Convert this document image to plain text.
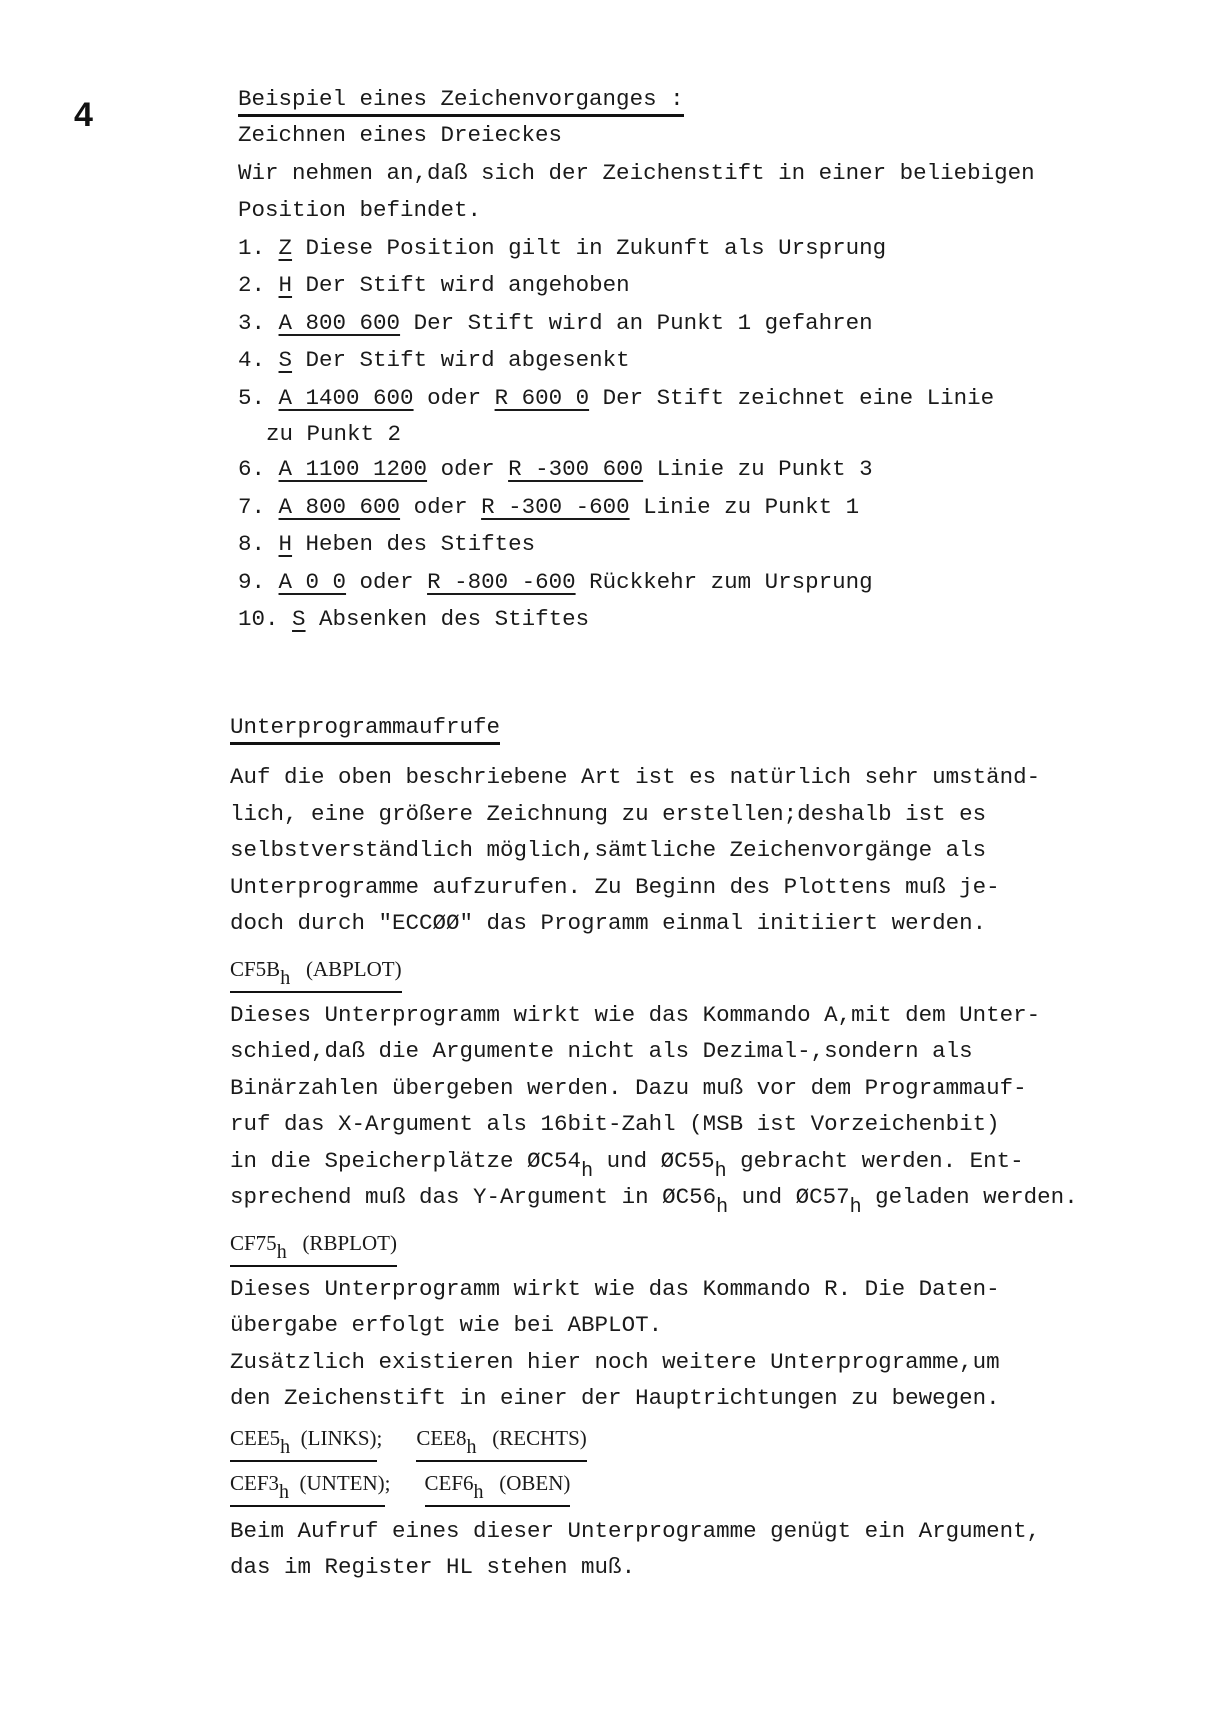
4	Beispiel eines Zeichenvorganges :
Zeichnen eines Dreieckes
Wir nehmen an,daß sich der Zeichenstift in einer beliebigen
Position befindet.
1. Z Diese Position gilt in Zukunft als Ursprung
2. H Der Stift wird angehoben
3. A 800 600 Der Stift wird an Punkt 1 gefahren
4. S Der Stift wird abgesenkt
5. A 1400 600 oder R 600 0 Der Stift zeichnet eine Linie
zu Punkt 2
6. A 1100 1200 oder R -300 600 Linie zu Punkt 3
7. A 800 600 oder R -300 -600 Linie zu Punkt 1
8. H Heben des Stiftes
9. A 0 0 oder R -800 -600 Rückkehr zum Ursprung
10. S Absenken des Stiftes
Unterprogrammaufrufe
Auf die oben beschriebene Art ist es natürlich sehr umständ-
lich, eine größere Zeichnung zu erstellen;deshalb ist es
selbstverständlich möglich,sämtliche Zeichenvorgänge als
Unterprogramme aufzurufen. Zu Beginn des Plottens muß je-
doch durch "ECCØØ" das Programm einmal initiiert werden.
$CF5B_h$ (ABPLOT)
Dieses Unterprogramm wirkt wie das Kommando A,mit dem Unter-
schied,daß die Argumente nicht als Dezimal-,sondern als
Binärzahlen übergeben werden. Dazu muß vor dem Programmauf-
ruf das X-Argument als 16bit-Zahl (MSB ist Vorzeichenbit)
in die Speicherplätze $ØC54_h$ und $ØC55_h$ gebracht werden. Ent-
sprechend muß das Y-Argument in $ØC56_h$ und $ØC57_h$ geladen werden.
$CF75_h$ (RBPLOT)
Dieses Unterprogramm wirkt wie das Kommando R. Die Daten-
übergabe erfolgt wie bei ABPLOT.
Zusätzlich existieren hier noch weitere Unterprogramme,um
den Zeichenstift in einer der Hauptrichtungen zu bewegen.
$CEE5_h$ (LINKS); $CEE8_h$ (RECHTS)
$CEF3_h$ (UNTEN); $CEF6_h$ (OBEN)
Beim Aufruf eines dieser Unterprogramme genügt ein Argument,
das im Register HL stehen muß.
